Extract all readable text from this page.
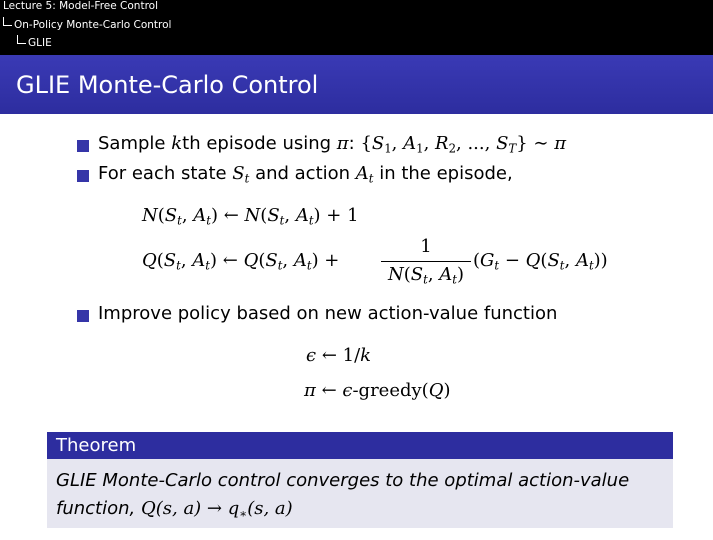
Lecture 5: Model-Free Control
On-Policy Monte-Carlo Control
GLIE
GLIE Monte-Carlo Control
Sample kth episode using π: {$S_1$, $A_1$, $R_2$, ..., $S_T$} ∼ π
For each state $S_t$ and action $A_t$ in the episode,
$N(S_t$, $A_t$) ← $N(S_t$, $A_t) + 1$
$Q(S_t$, $A_t$) ← $Q(S_t$, $A_t$) +
1
$N(S_t$, $A_t$)
($G_t - Q(S_t$, $A_t$))
Improve policy based on new action-value function
ϵ ← 1/k
π ← ϵ-greedy(Q)
Theorem
GLIE Monte-Carlo control converges to the optimal action-value function, Q(s, $a) \to q_∗(s$, a)
